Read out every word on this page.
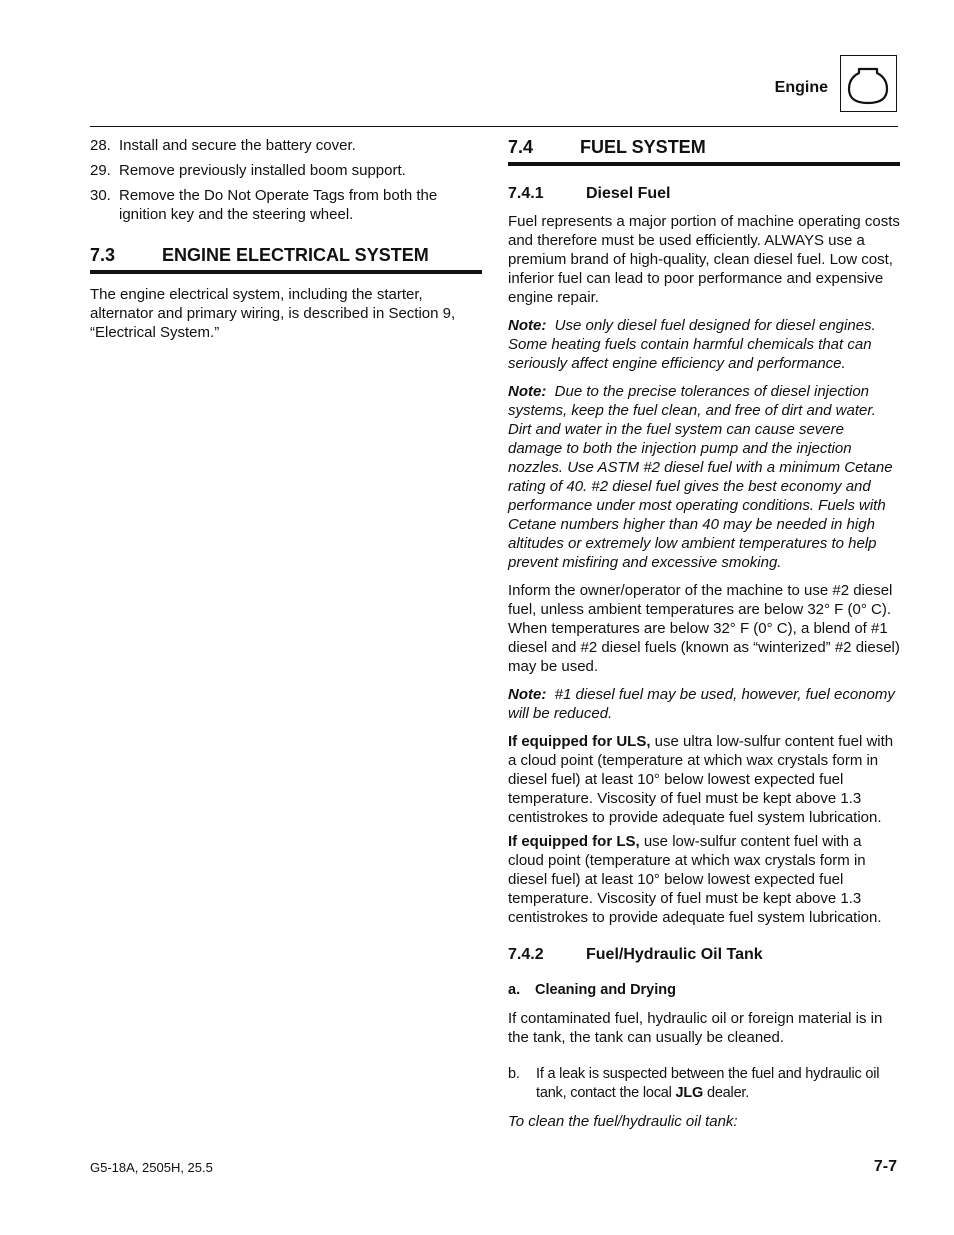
Engine
28. Install and secure the battery cover.
29. Remove previously installed boom support.
30. Remove the Do Not Operate Tags from both the ignition key and the steering wheel.
7.3	ENGINE ELECTRICAL SYSTEM

The engine electrical system, including the starter, alternator and primary wiring, is described in Section 9, “Electrical System.”

7.4	FUEL SYSTEM
7.4.1	Diesel Fuel

Fuel represents a major portion of machine operating costs and therefore must be used efficiently. ALWAYS use a premium brand of high-quality, clean diesel fuel. Low cost, inferior fuel can lead to poor performance and expensive engine repair.

Note: Use only diesel fuel designed for diesel engines. Some heating fuels contain harmful chemicals that can seriously affect engine efficiency and performance.

Note: Due to the precise tolerances of diesel injection systems, keep the fuel clean, and free of dirt and water. Dirt and water in the fuel system can cause severe damage to both the injection pump and the injection nozzles. Use ASTM #2 diesel fuel with a minimum Cetane rating of 40. #2 diesel fuel gives the best economy and performance under most operating conditions. Fuels with Cetane numbers higher than 40 may be needed in high altitudes or extremely low ambient temperatures to help prevent misfiring and excessive smoking.

Inform the owner/operator of the machine to use #2 diesel fuel, unless ambient temperatures are below 32° F (0° C). When temperatures are below 32° F (0° C), a blend of #1 diesel and #2 diesel fuels (known as “winterized” #2 diesel) may be used.

Note: #1 diesel fuel may be used, however, fuel economy will be reduced.

If equipped for ULS, use ultra low-sulfur content fuel with a cloud point (temperature at which wax crystals form in diesel fuel) at least 10° below lowest expected fuel temperature. Viscosity of fuel must be kept above 1.3 centistrokes to provide adequate fuel system lubrication.

If equipped for LS, use low-sulfur content fuel with a cloud point (temperature at which wax crystals form in diesel fuel) at least 10° below lowest expected fuel temperature. Viscosity of fuel must be kept above 1.3 centistrokes to provide adequate fuel system lubrication.

7.4.2	Fuel/Hydraulic Oil Tank
a. Cleaning and Drying

If contaminated fuel, hydraulic oil or foreign material is in the tank, the tank can usually be cleaned.

b. If a leak is suspected between the fuel and hydraulic oil tank, contact the local JLG dealer.

To clean the fuel/hydraulic oil tank:

G5-18A, 2505H, 25.5	7-7
